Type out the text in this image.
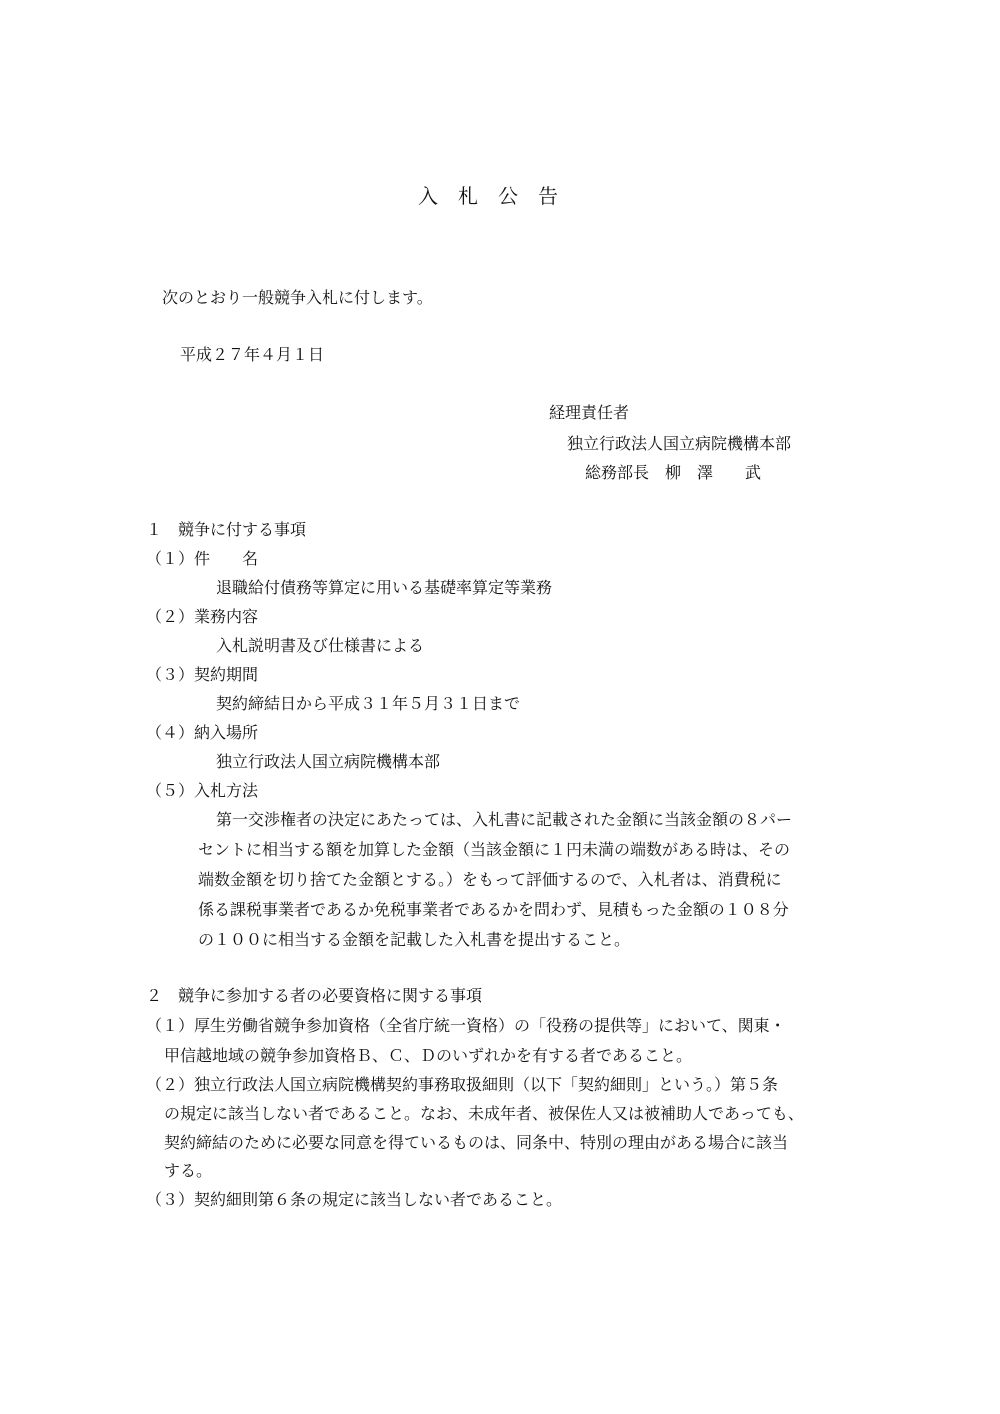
入　札　公　告

次のとおり一般競争入札に付します。

平成２７年４月１日

経理責任者

独立行政法人国立病院機構本部

総務部長　柳　澤　　武

１　競争に付する事項

（１）件　　名

退職給付債務等算定に用いる基礎率算定等業務

（２）業務内容

入札説明書及び仕様書による

（３）契約期間

契約締結日から平成３１年５月３１日まで

（４）納入場所

独立行政法人国立病院機構本部

（５）入札方法

第一交渉権者の決定にあたっては、入札書に記載された金額に当該金額の８パー

セントに相当する額を加算した金額（当該金額に１円未満の端数がある時は、その

端数金額を切り捨てた金額とする。）をもって評価するので、入札者は、消費税に

係る課税事業者であるか免税事業者であるかを問わず、見積もった金額の１０８分

の１００に相当する金額を記載した入札書を提出すること。

２　競争に参加する者の必要資格に関する事項

（１）厚生労働省競争参加資格（全省庁統一資格）の「役務の提供等」において、関東・

甲信越地域の競争参加資格Ｂ、Ｃ、Ｄのいずれかを有する者であること。

（２）独立行政法人国立病院機構契約事務取扱細則（以下「契約細則」という。）第５条

の規定に該当しない者であること。なお、未成年者、被保佐人又は被補助人であっても、

契約締結のために必要な同意を得ているものは、同条中、特別の理由がある場合に該当

する。

（３）契約細則第６条の規定に該当しない者であること。
